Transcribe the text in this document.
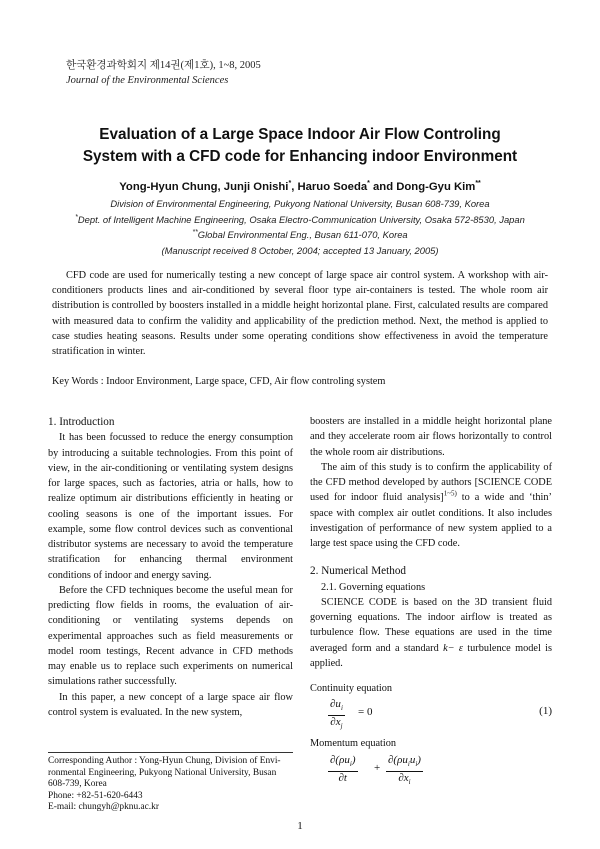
한국환경과학회지 제14권(제1호), 1~8, 2005
Journal of the Environmental Sciences
Evaluation of a Large Space Indoor Air Flow Controling
System with a CFD code for Enhancing indoor Environment
Yong-Hyun Chung, Junji Onishi*, Haruo Soeda* and Dong-Gyu Kim**
Division of Environmental Engineering, Pukyong National University, Busan 608-739, Korea
*Dept. of Intelligent Machine Engineering, Osaka Electro-Communication University, Osaka 572-8530, Japan
**Global Environmental Eng., Busan 611-070, Korea
(Manuscript received 8 October, 2004; accepted 13 January, 2005)
CFD code are used for numerically testing a new concept of large space air control system. A workshop with air-conditioners products lines and air-conditioned by several floor type air-containers is tested. The whole room air distribution is controlled by boosters installed in a middle height horizontal plane. First, calculated results are compared with measured data to confirm the validity and applicability of the prediction method. Next, the method is applied to case studies heating seasons. Results under some operating conditions show effectiveness in avoid the temperature stratification in winter.
Key Words : Indoor Environment, Large space, CFD, Air flow controling system
1. Introduction

It has been focussed to reduce the energy consumption by introducing a suitable technologies. From this point of view, in the air-conditioning or ventilating system designs for large spaces, such as factories, atria or halls, how to realize optimum air distributions efficiently in heating or cooling seasons is one of the important issues. For example, some flow control devices such as conventional distributor systems are necessary to avoid the temperature stratification for enhancing thermal environment conditions of indoor and energy saving.

Before the CFD techniques become the useful mean for predicting flow fields in rooms, the evaluation of air-conditioning or ventilating systems depends on experimental approaches such as field measurements or model room testings, Recent advance in CFD methods may enable us to replace such experiments on numerical simulations rather successfully.

In this paper, a new concept of a large space air flow control system is evaluated. In the new system,

boosters are installed in a middle height horizontal plane and they accelerate room air flows horizontally to control the whole room air distributions.

The aim of this study is to confirm the applicability of the CFD method developed by authors [SCIENCE CODE used for indoor fluid analysis]$^{1\sim 5)}$ to a wide and ‘thin’ space with complex air outlet conditions. It also includes investigation of performance of new system applied to a large test space using the CFD code.

2. Numerical Method
2.1. Governing equations

SCIENCE CODE is based on the 3D transient fluid governing equations. The indoor airflow is treated as turbulence flow. These equations are used in the time averaged form and a standard k− ε turbulence model is applied.

Continuity equation
$\frac{\partial u_i}{\partial x_j} = 0$	(1)
Momentum equation
$\partial(\rho u_i)$
∂t
+
$\partial(\rho u_iu_i)$
$\partial x_i$
Corresponding Author : Yong-Hyun Chung, Division of Envi-
ronmental Engineering, Pukyong National University, Busan
608-739, Korea
Phone: +82-51-620-6443
E-mail: chungyh@pknu.ac.kr
1
